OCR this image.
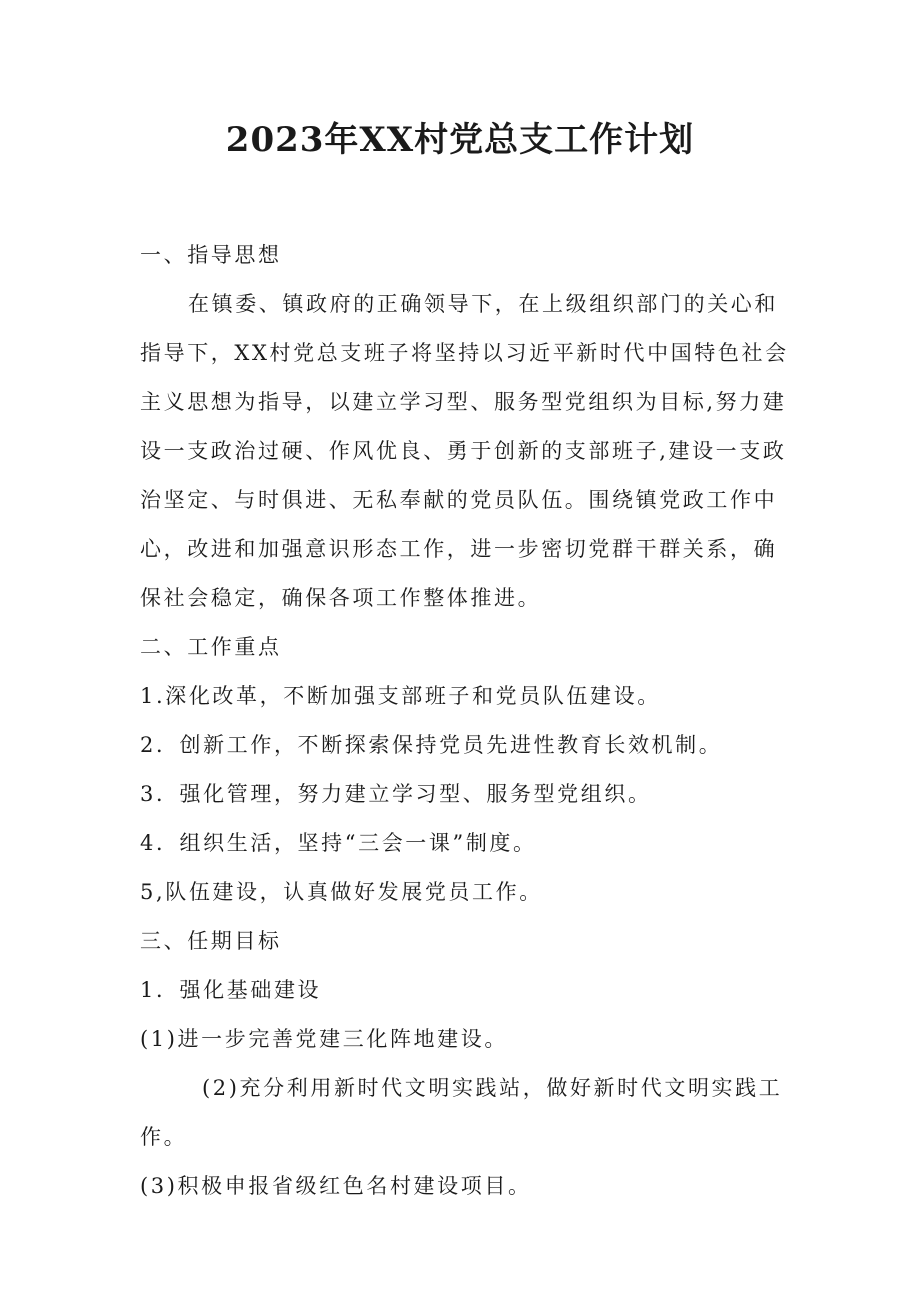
2023年XX村党总支工作计划

一、指导思想

在镇委、镇政府的正确领导下，在上级组织部门的关心和指导下，XX村党总支班子将坚持以习近平新时代中国特色社会主义思想为指导，以建立学习型、服务型党组织为目标,努力建设一支政治过硬、作风优良、勇于创新的支部班子,建设一支政治坚定、与时俱进、无私奉献的党员队伍。围绕镇党政工作中心，改进和加强意识形态工作，进一步密切党群干群关系，确保社会稳定，确保各项工作整体推进。

二、工作重点

1.深化改革，不断加强支部班子和党员队伍建设。

2．创新工作，不断探索保持党员先进性教育长效机制。

3．强化管理，努力建立学习型、服务型党组织。

4．组织生活，坚持“三会一课”制度。

5,队伍建设，认真做好发展党员工作。

三、任期目标

1．强化基础建设

(1)进一步完善党建三化阵地建设。

(2)充分利用新时代文明实践站，做好新时代文明实践工作。

(3)积极申报省级红色名村建设项目。
